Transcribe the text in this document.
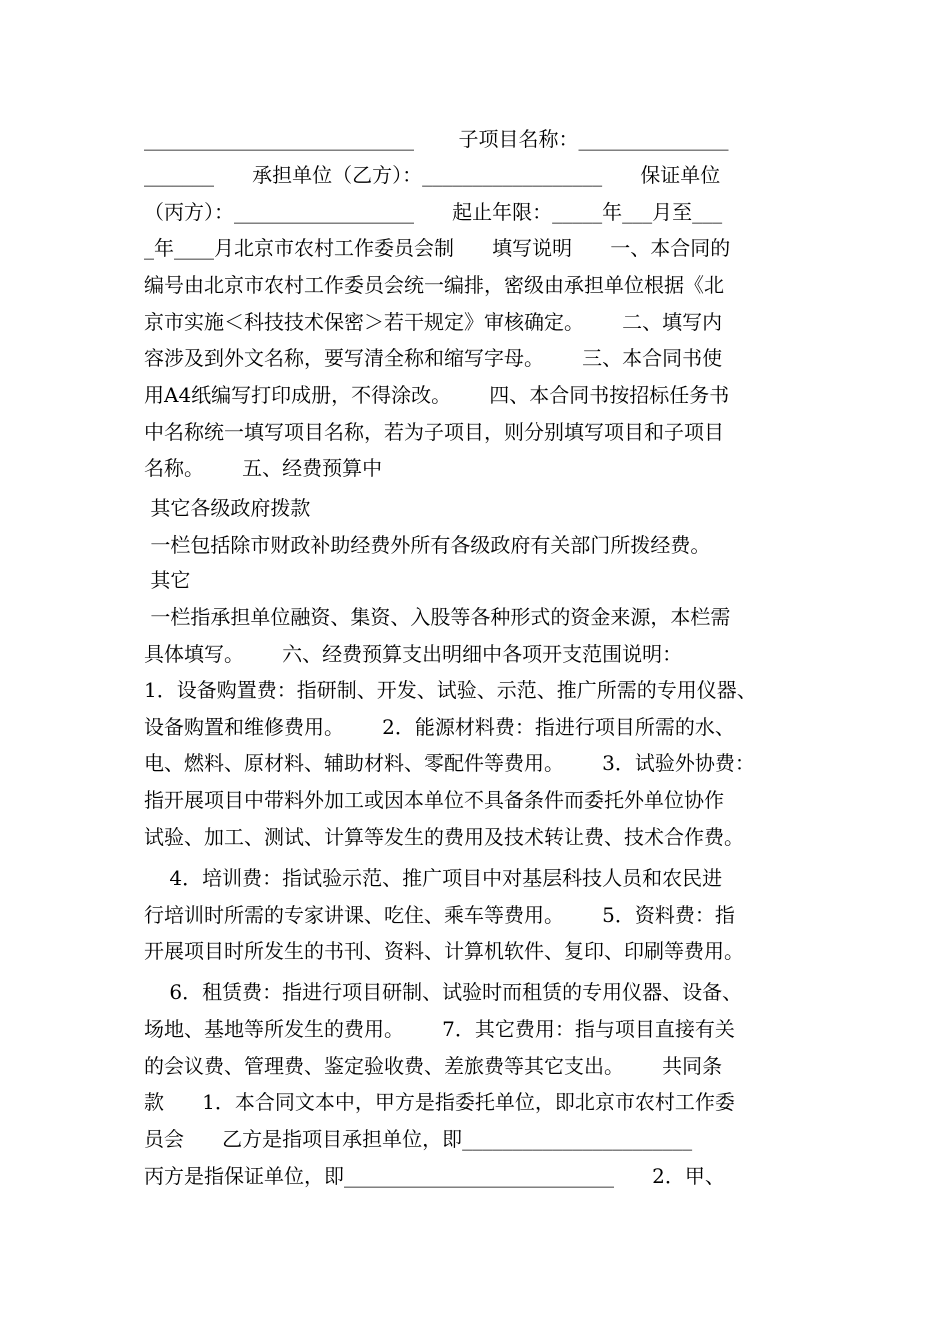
___________________________       子项目名称：_______________
_______      承担单位（乙方）：__________________      保证单位
（丙方）：__________________      起止年限：_____年___月至___
_年____月北京市农村工作委员会制      填写说明      一、本合同的
编号由北京市农村工作委员会统一编排，密级由承担单位根据《北
京市实施＜科技技术保密＞若干规定》审核确定。      二、填写内
容涉及到外文名称，要写清全称和缩写字母。      三、本合同书使
用A4纸编写打印成册，不得涂改。      四、本合同书按招标任务书
中名称统一填写项目名称，若为子项目，则分别填写项目和子项目
名称。      五、经费预算中
其它各级政府拨款
一栏包括除市财政补助经费外所有各级政府有关部门所拨经费。
其它
一栏指承担单位融资、集资、入股等各种形式的资金来源，本栏需
具体填写。      六、经费预算支出明细中各项开支范围说明：
1．设备购置费：指研制、开发、试验、示范、推广所需的专用仪器、
设备购置和维修费用。      2．能源材料费：指进行项目所需的水、
电、燃料、原材料、辅助材料、零配件等费用。      3．试验外协费：
指开展项目中带料外加工或因本单位不具备条件而委托外单位协作
试验、加工、测试、计算等发生的费用及技术转让费、技术合作费。
4．培训费：指试验示范、推广项目中对基层科技人员和农民进
行培训时所需的专家讲课、吃住、乘车等费用。      5．资料费：指
开展项目时所发生的书刊、资料、计算机软件、复印、印刷等费用。
6．租赁费：指进行项目研制、试验时而租赁的专用仪器、设备、
场地、基地等所发生的费用。      7．其它费用：指与项目直接有关
的会议费、管理费、鉴定验收费、差旅费等其它支出。      共同条
款      1．本合同文本中，甲方是指委托单位，即北京市农村工作委
员会      乙方是指项目承担单位，即_______________________
丙方是指保证单位，即___________________________      2．甲、
